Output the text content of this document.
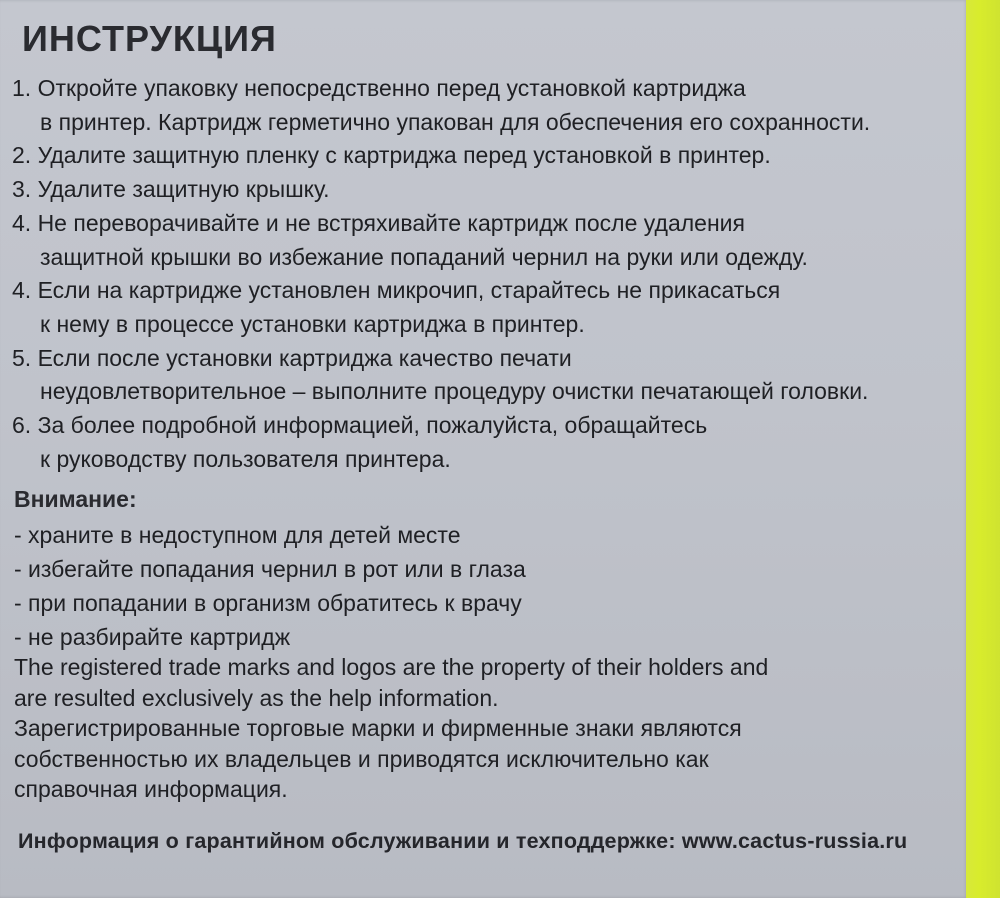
ИНСТРУКЦИЯ
1. Откройте упаковку непосредственно перед установкой картриджа
в принтер. Картридж герметично упакован для обеспечения его сохранности.
2. Удалите защитную пленку с картриджа перед установкой в принтер.
3. Удалите защитную крышку.
4. Не переворачивайте и не встряхивайте картридж после удаления
защитной крышки во избежание попаданий чернил на руки или одежду.
4. Если на картридже установлен микрочип, старайтесь не прикасаться
к нему в процессе установки картриджа в принтер.
5. Если после установки картриджа качество печати
неудовлетворительное – выполните процедуру очистки печатающей головки.
6. За более подробной информацией, пожалуйста, обращайтесь
к руководству пользователя принтера.
Внимание:
- храните в недоступном для детей месте
- избегайте попадания чернил в рот или в глаза
- при попадании в организм обратитесь к врачу
- не разбирайте картридж
The registered trade marks and logos are the property of their holders and
are resulted exclusively as the help information.
Зарегистрированные торговые марки и фирменные знаки являются
собственностью их владельцев и приводятся исключительно как
справочная информация.
Информация о гарантийном обслуживании и техподдержке: www.cactus-russia.ru
